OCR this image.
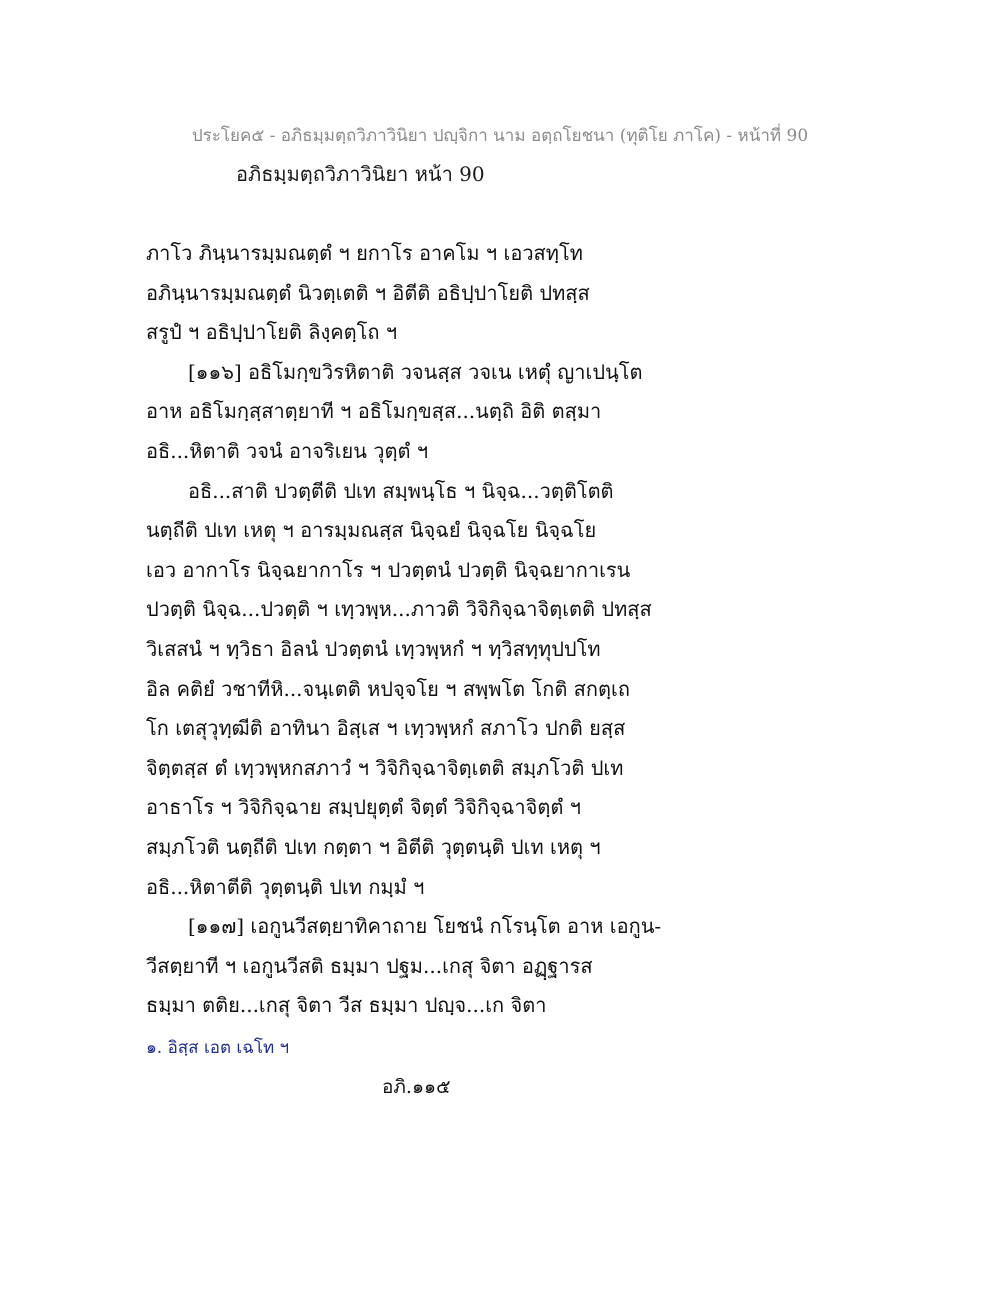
ประโยค๕ - อภิธมฺมตฺถวิภาวินิยา ปญฺจิกา นาม อตฺถโยชนา (ทุติโย ภาโค) - หน้าที่ 90
อภิธมฺมตฺถวิภาวินิยา หน้า 90
ภาโว ภินฺนารมฺมณตฺตํ ฯ ยกาโร อาคโม ฯ เอวสทฺโท
อภินฺนารมฺมณตฺตํ นิวตฺเตติ ฯ อิตีติ อธิปฺปาโยติ ปทสฺส
สรูปํ ฯ อธิปฺปาโยติ ลิงฺคตฺโถ ฯ
[๑๑๖] อธิโมกฺขวิรหิตาติ วจนสฺส วจเน เหตุํ ญาเปนฺโต
อาห อธิโมกฺสฺสาตฺยาที ฯ อธิโมกฺขสฺส...นตฺถิ อิติ ตสฺมา
อธิ...หิตาติ วจนํ อาจริเยน วุตฺตํ ฯ
อธิ...สาติ ปวตฺตีติ ปเท สมฺพนฺโธ ฯ นิจฺฉ...วตฺติโตติ
นตฺถีติ ปเท เหตุ ฯ อารมฺมณสฺส นิจฺฉยํ นิจฺฉโย นิจฺฉโย
เอว อากาโร นิจฺฉยากาโร ฯ ปวตฺตนํ ปวตฺติ นิจฺฉยากาเรน
ปวตฺติ นิจฺฉ...ปวตฺติ ฯ เทฺวพฺห...ภาวติ วิจิกิจฺฉาจิตฺเตติ ปทสฺส
วิเสสนํ ฯ ทฺวิธา อิลนํ ปวตฺตนํ เทฺวพฺหกํ ฯ ทฺวิสทฺทุปปโท
อิล คติยํ วชาทีหิ...จนฺเตติ หปจฺจโย ฯ สพฺพโต โกติ สกตฺเถ
โก เตสุวุทฺฒีติ อาทินา อิสฺเส ฯ เทฺวพฺหกํ สภาโว ปกติ ยสฺส
จิตฺตสฺส ตํ เทฺวพฺหกสภาวํ ฯ วิจิกิจฺฉาจิตฺเตติ สมฺภโวติ ปเท
อาธาโร ฯ วิจิกิจฺฉาย สมฺปยุตฺตํ จิตฺตํ วิจิกิจฺฉาจิตฺตํ ฯ
สมฺภโวติ นตฺถีติ ปเท กตฺตา ฯ อิตีติ วุตฺตนฺติ ปเท เหตุ ฯ
อธิ...หิตาตีติ วุตฺตนฺติ ปเท กมฺมํ ฯ
[๑๑๗] เอกูนวีสตฺยาทิคาถาย โยชนํ กโรนฺโต อาห เอกูน-
วีสตฺยาที ฯ เอกูนวีสติ ธมฺมา ปฐม...เกสุ จิตา อฏฺฐารส
ธมฺมา ตติย...เกสุ จิตา วีส ธมฺมา ปญฺจ...เก จิตา
๑. อิสฺส เอต เฉโท ฯ
อภิ.๑๑๕
